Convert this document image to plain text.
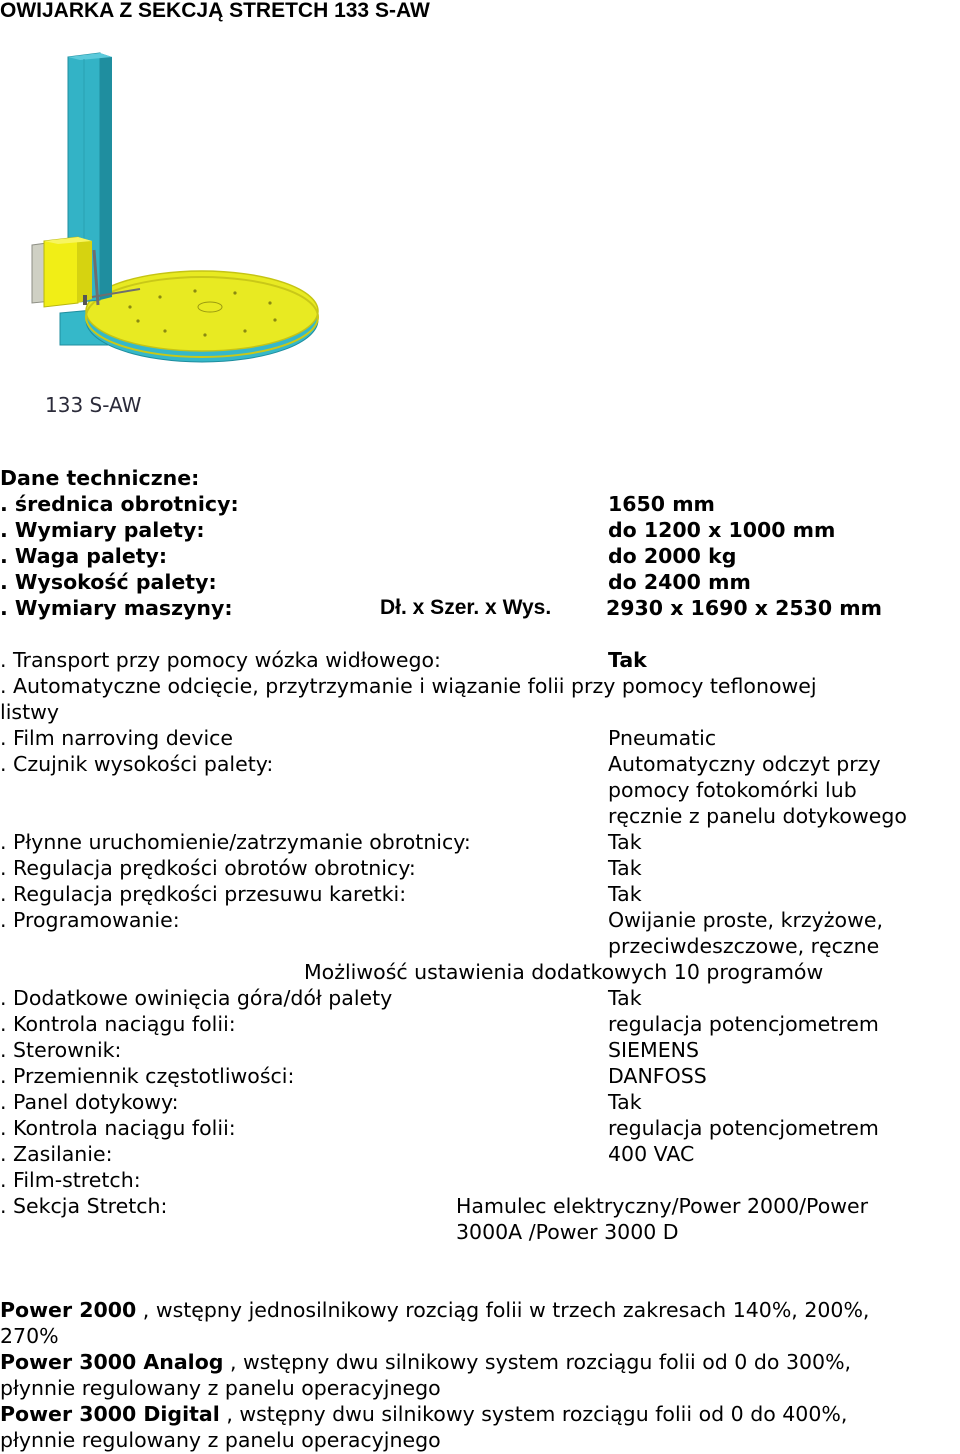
OWIJARKA Z SEKCJĄ STRETCH 133 S-AW
133 S-AW
Dane techniczne:
. średnica obrotnicy:	1650 mm
. Wymiary palety:	do 1200 x 1000 mm
. Waga palety:	do 2000 kg
. Wysokość palety:	do 2400 mm
. Wymiary maszyny:	Dł. x Szer. x Wys.	2930 x 1690 x 2530 mm
. Transport przy pomocy wózka widłowego:	Tak
. Automatyczne odcięcie, przytrzymanie i wiązanie folii przy pomocy teflonowej
listwy
. Film narroving device	Pneumatic
. Czujnik wysokości palety:	Automatyczny odczyt przy
pomocy fotokomórki lub
ręcznie z panelu dotykowego
. Płynne uruchomienie/zatrzymanie obrotnicy:	Tak
. Regulacja prędkości obrotów obrotnicy:	Tak
. Regulacja prędkości przesuwu karetki:	Tak
. Programowanie:	Owijanie proste, krzyżowe,
przeciwdeszczowe, ręczne
Możliwość ustawienia dodatkowych 10 programów
. Dodatkowe owinięcia góra/dół palety	Tak
. Kontrola naciągu folii:	regulacja potencjometrem
. Sterownik:	SIEMENS
. Przemiennik częstotliwości:	DANFOSS
. Panel dotykowy:	Tak
. Kontrola naciągu folii:	regulacja potencjometrem
. Zasilanie:	400 VAC
. Film-stretch:
. Sekcja Stretch:	Hamulec elektryczny/Power 2000/Power
3000A /Power 3000 D
Power 2000 , wstępny jednosilnikowy rozciąg folii w trzech zakresach 140%, 200%,
270%
Power 3000 Analog , wstępny dwu silnikowy system rozciągu folii od 0 do 300%,
płynnie regulowany z panelu operacyjnego
Power 3000 Digital , wstępny dwu silnikowy system rozciągu folii od 0 do 400%,
płynnie regulowany z panelu operacyjnego
